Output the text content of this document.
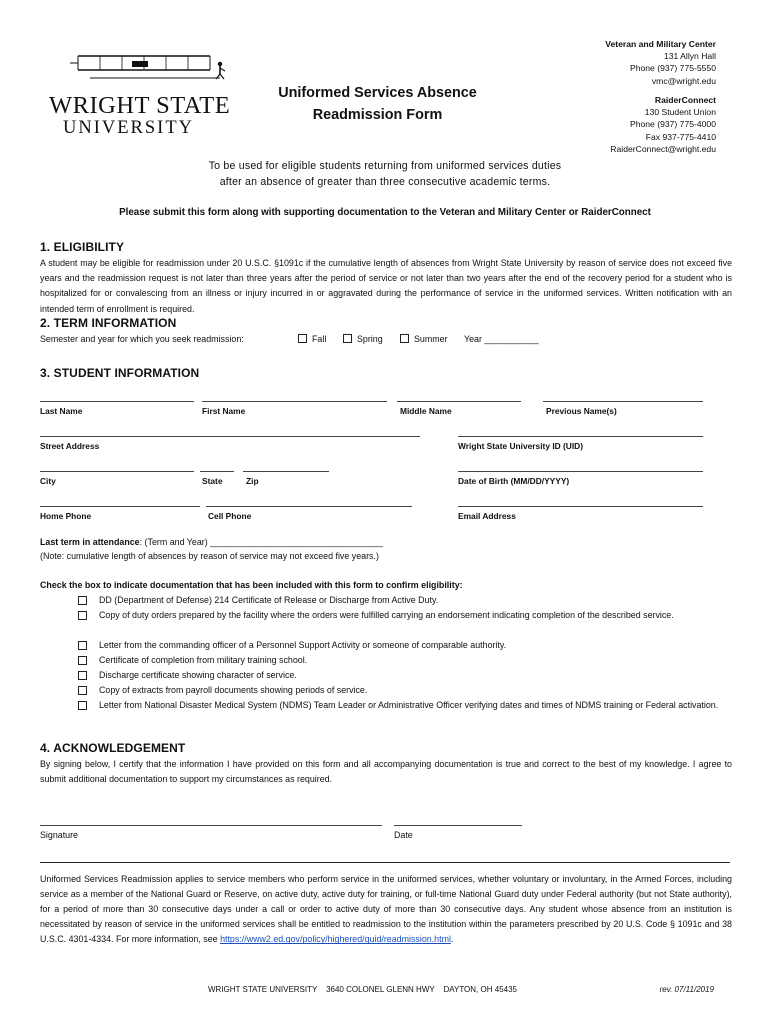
WRIGHT STATE
UNIVERSITY
Uniformed Services Absence
Readmission Form
Veteran and Military Center
131 Allyn Hall
Phone (937) 775-5550
vmc@wright.edu
RaiderConnect
130 Student Union
Phone (937) 775-4000
Fax 937-775-4410
RaiderConnect@wright.edu
To be used for eligible students returning from uniformed services duties
after an absence of greater than three consecutive academic terms.
Please submit this form along with supporting documentation to the Veteran and Military Center or RaiderConnect
1. ELIGIBILITY
A student may be eligible for readmission under 20 U.S.C. §1091c if the cumulative length of absences from Wright State University by reason of service does not exceed five years and the readmission request is not later than three years after the period of service or not later than two years after the end of the recovery period for a student who is hospitalized for or convalescing from an illness or injury incurred in or aggravated during the performance of service in the uniformed services. Written notification with an intended term of enrollment is required.
2. TERM INFORMATION
Semester and year for which you seek readmission:	Fall	Spring	Summer Year ___________
3. STUDENT INFORMATION
Last Name	First Name	Middle Name	Previous Name(s)
Street Address	Wright State University ID (UID)
City	State	Zip	Date of Birth (MM/DD/YYYY)
Home Phone	Cell Phone	Email Address
Last term in attendance: (Term and Year) ___________________________________
(Note: cumulative length of absences by reason of service may not exceed five years.)
Check the box to indicate documentation that has been included with this form to confirm eligibility:
DD (Department of Defense) 214 Certificate of Release or Discharge from Active Duty.
Copy of duty orders prepared by the facility where the orders were fulfilled carrying an endorsement indicating completion of the described service.
Letter from the commanding officer of a Personnel Support Activity or someone of comparable authority.
Certificate of completion from military training school.
Discharge certificate showing character of service.
Copy of extracts from payroll documents showing periods of service.
Letter from National Disaster Medical System (NDMS) Team Leader or Administrative Officer verifying dates and times of NDMS training or Federal activation.
4. ACKNOWLEDGEMENT
By signing below, I certify that the information I have provided on this form and all accompanying documentation is true and correct to the best of my knowledge. I agree to submit additional documentation to support my circumstances as required.
Signature	Date
Uniformed Services Readmission applies to service members who perform service in the uniformed services, whether voluntary or involuntary, in the Armed Forces, including service as a member of the National Guard or Reserve, on active duty, active duty for training, or full-time National Guard duty under Federal authority (but not State authority), for a period of more than 30 consecutive days under a call or order to active duty of more than 30 consecutive days. Any student whose absence from an institution is necessitated by reason of service in the uniformed services shall be entitled to readmission to the institution within the parameters prescribed by 20 U.S. Code § 1091c and 38 U.S.C. 4301-4334. For more information, see https://www2.ed.gov/policy/highered/guid/readmission.html.
WRIGHT STATE UNIVERSITY    3640 COLONEL GLENN HWY    DAYTON, OH 45435	rev. 07/11/2019
